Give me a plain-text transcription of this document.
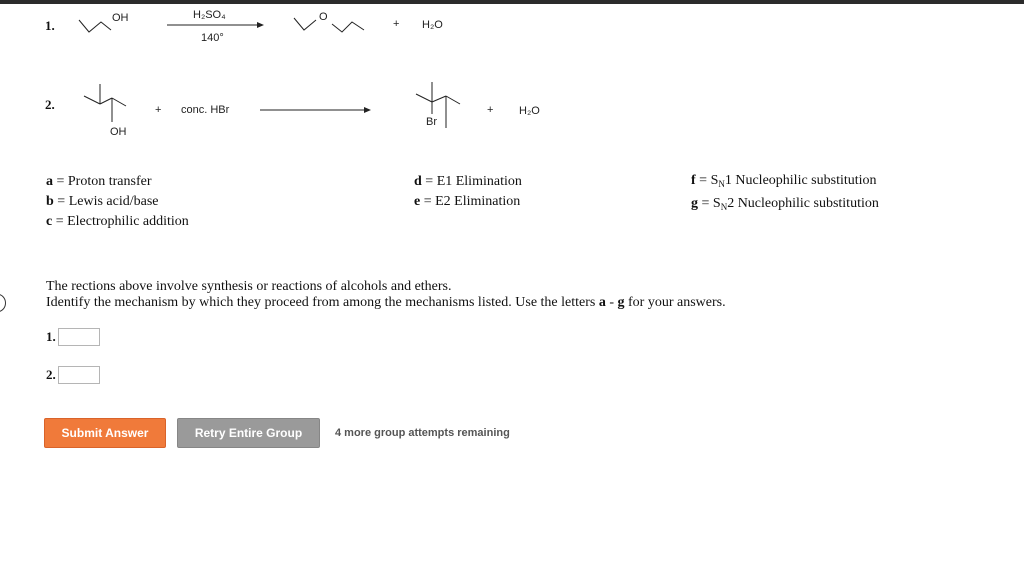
1.	OH	H₂SO₄
140°
O
+ H₂O
2.
OH
+ conc. HBr
Br
+ H₂O
a = Proton transfer
b = Lewis acid/base
c = Electrophilic addition
d = E1 Elimination
e = E2 Elimination
$f = S_N1$ Nucleophilic substitution
$g = S_N2$ Nucleophilic substitution
The rections above involve synthesis or reactions of alcohols and ethers.
Identify the mechanism by which they proceed from among the mechanisms listed. Use the letters a - g for your answers.
1.
2.
Submit Answer	Retry Entire Group	4 more group attempts remaining
